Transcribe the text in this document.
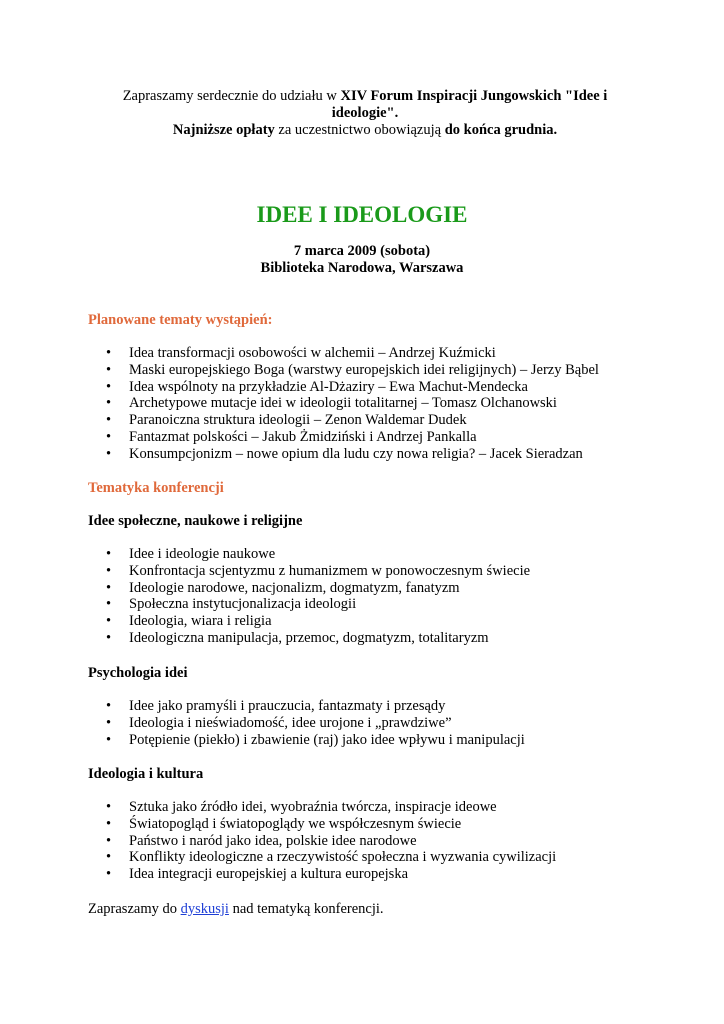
Zapraszamy serdecznie do udziału w XIV Forum Inspiracji Jungowskich "Idee i ideologie".
Najniższe opłaty za uczestnictwo obowiązują do końca grudnia.
IDEE I IDEOLOGIE
7 marca 2009 (sobota)
Biblioteka Narodowa, Warszawa
Planowane tematy wystąpień:
• Idea transformacji osobowości w alchemii – Andrzej Kuźmicki
• Maski europejskiego Boga (warstwy europejskich idei religijnych) – Jerzy Bąbel
• Idea wspólnoty na przykładzie Al-Dżaziry – Ewa Machut-Mendecka
• Archetypowe mutacje idei w ideologii totalitarnej – Tomasz Olchanowski
• Paranoiczna struktura ideologii – Zenon Waldemar Dudek
• Fantazmat polskości – Jakub Żmidziński i Andrzej Pankalla
• Konsumpcjonizm – nowe opium dla ludu czy nowa religia? – Jacek Sieradzan
Tematyka konferencji
Idee społeczne, naukowe i religijne
• Idee i ideologie naukowe
• Konfrontacja scjentyzmu z humanizmem w ponowoczesnym świecie
• Ideologie narodowe, nacjonalizm, dogmatyzm, fanatyzm
• Społeczna instytucjonalizacja ideologii
• Ideologia, wiara i religia
• Ideologiczna manipulacja, przemoc, dogmatyzm, totalitaryzm
Psychologia idei
• Idee jako pramyśli i prauczucia, fantazmaty i przesądy
• Ideologia i nieświadomość, idee urojone i „prawdziwe”
• Potępienie (piekło) i zbawienie (raj) jako idee wpływu i manipulacji
Ideologia i kultura
• Sztuka jako źródło idei, wyobraźnia twórcza, inspiracje ideowe
• Światopogląd i światopoglądy we współczesnym świecie
• Państwo i naród jako idea, polskie idee narodowe
• Konflikty ideologiczne a rzeczywistość społeczna i wyzwania cywilizacji
• Idea integracji europejskiej a kultura europejska
Zapraszamy do dyskusji nad tematyką konferencji.
